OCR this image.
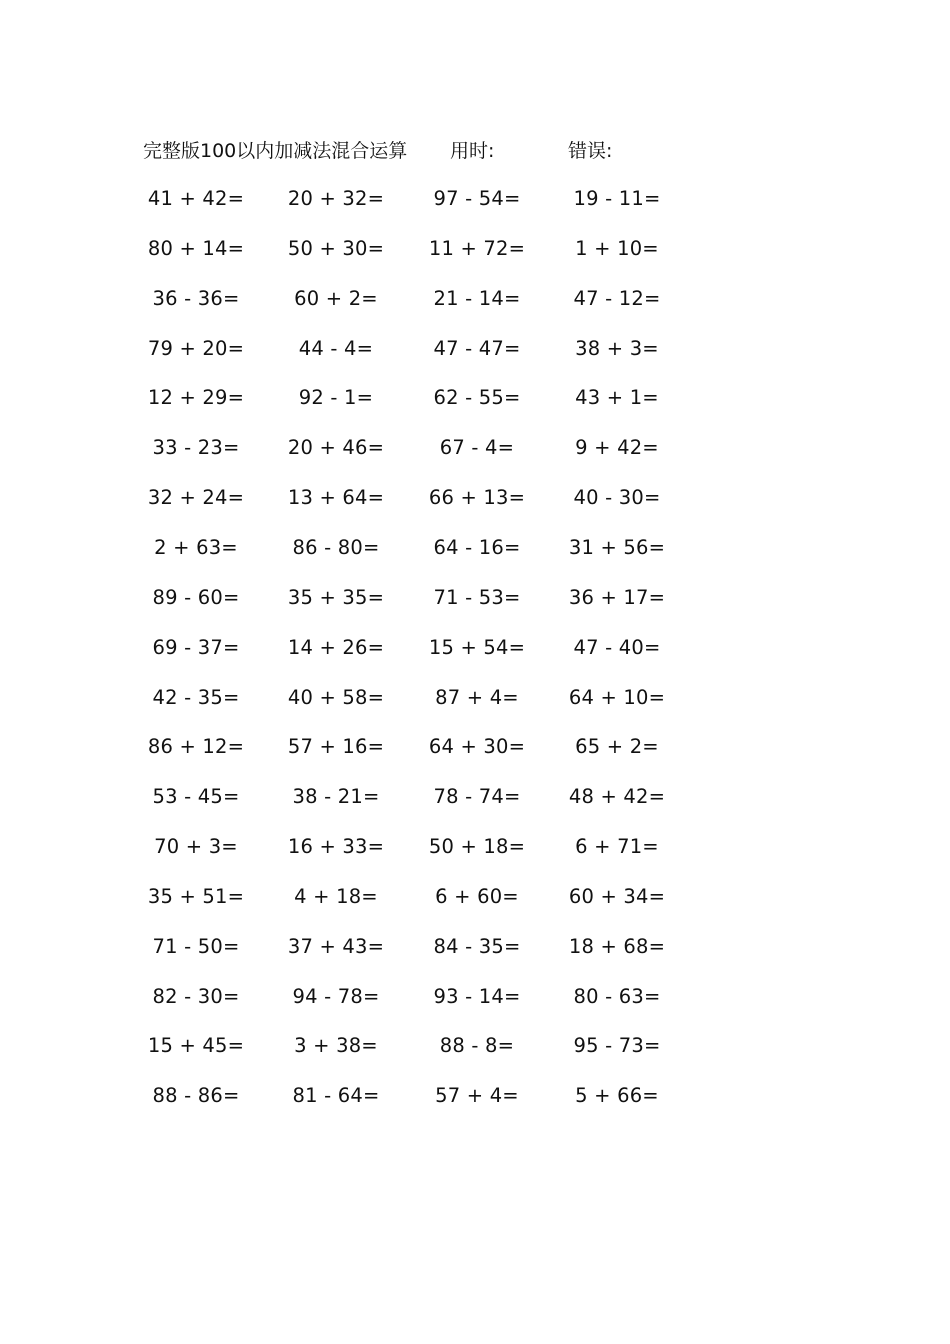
完整版100以内加减法混合运算 用时:	错误:
41 + 42=	20 + 32=	97 - 54=	19 - 11=
80 + 14=	50 + 30=	11 + 72=	1 + 10=
36 - 36=	60 + 2=	21 - 14=	47 - 12=
79 + 20=	44 - 4=	47 - 47=	38 + 3=
12 + 29=	92 - 1=	62 - 55=	43 + 1=
33 - 23=	20 + 46=	67 - 4=	9 + 42=
32 + 24=	13 + 64=	66 + 13=	40 - 30=
2 + 63=	86 - 80=	64 - 16=	31 + 56=
89 - 60=	35 + 35=	71 - 53=	36 + 17=
69 - 37=	14 + 26=	15 + 54=	47 - 40=
42 - 35=	40 + 58=	87 + 4=	64 + 10=
86 + 12=	57 + 16=	64 + 30=	65 + 2=
53 - 45=	38 - 21=	78 - 74=	48 + 42=
70 + 3=	16 + 33=	50 + 18=	6 + 71=
35 + 51=	4 + 18=	6 + 60=	60 + 34=
71 - 50=	37 + 43=	84 - 35=	18 + 68=
82 - 30=	94 - 78=	93 - 14=	80 - 63=
15 + 45=	3 + 38=	88 - 8=	95 - 73=
88 - 86=	81 - 64=	57 + 4=	5 + 66=
